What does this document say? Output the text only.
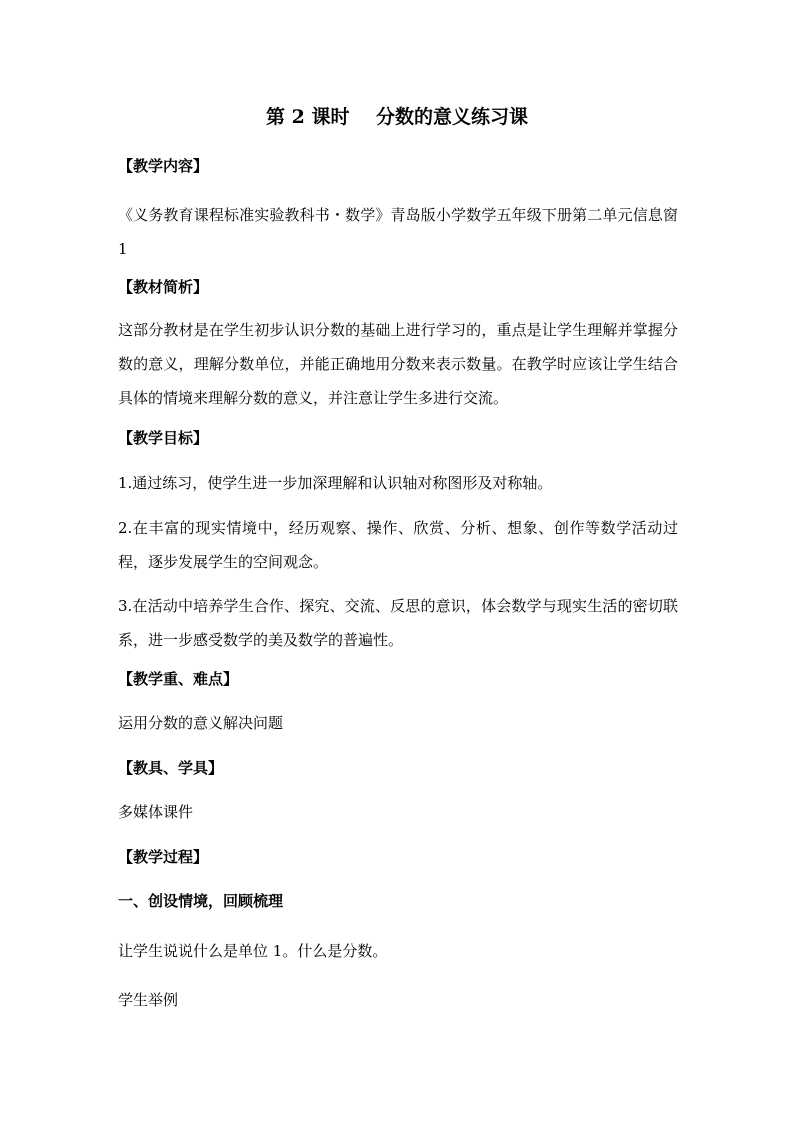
第 2 课时    分数的意义练习课
【教学内容】
《义务教育课程标准实验教科书・数学》青岛版小学数学五年级下册第二单元信息窗 1
【教材简析】
这部分教材是在学生初步认识分数的基础上进行学习的，重点是让学生理解并掌握分数的意义，理解分数单位，并能正确地用分数来表示数量。在教学时应该让学生结合具体的情境来理解分数的意义，并注意让学生多进行交流。
【教学目标】
1.通过练习，使学生进一步加深理解和认识轴对称图形及对称轴。
2.在丰富的现实情境中，经历观察、操作、欣赏、分析、想象、创作等数学活动过程，逐步发展学生的空间观念。
3.在活动中培养学生合作、探究、交流、反思的意识，体会数学与现实生活的密切联系，进一步感受数学的美及数学的普遍性。
【教学重、难点】
运用分数的意义解决问题
【教具、学具】
多媒体课件
【教学过程】
一、创设情境，回顾梳理
让学生说说什么是单位 1。什么是分数。
学生举例
